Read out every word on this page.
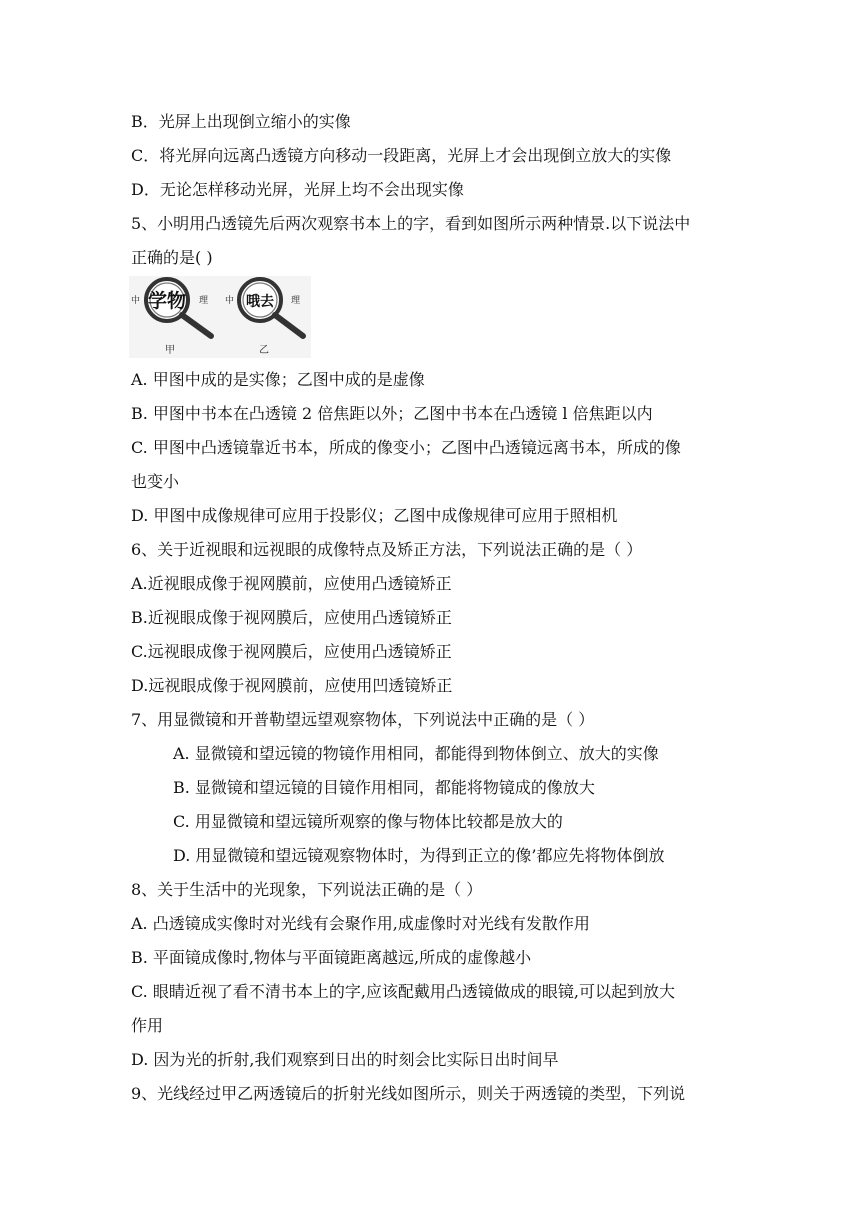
B．光屏上出现倒立缩小的实像
C．将光屏向远离凸透镜方向移动一段距离，光屏上才会出现倒立放大的实像
D．无论怎样移动光屏，光屏上均不会出现实像
5、小明用凸透镜先后两次观察书本上的字，看到如图所示两种情景.以下说法中
正确的是( )
中 学物 理
甲
中 哦去 理
乙
A. 甲图中成的是实像；乙图中成的是虚像
B. 甲图中书本在凸透镜 2 倍焦距以外；乙图中书本在凸透镜 l 倍焦距以内
C. 甲图中凸透镜靠近书本，所成的像变小；乙图中凸透镜远离书本，所成的像
也变小
D. 甲图中成像规律可应用于投影仪；乙图中成像规律可应用于照相机
6、关于近视眼和远视眼的成像特点及矫正方法，下列说法正确的是（ ）
A.近视眼成像于视网膜前，应使用凸透镜矫正
B.近视眼成像于视网膜后，应使用凸透镜矫正
C.远视眼成像于视网膜后，应使用凸透镜矫正
D.远视眼成像于视网膜前，应使用凹透镜矫正
7、用显微镜和开普勒望远望观察物体，下列说法中正确的是（ ）
A. 显微镜和望远镜的物镜作用相同，都能得到物体倒立、放大的实像
B. 显微镜和望远镜的目镜作用相同，都能将物镜成的像放大
C. 用显微镜和望远镜所观察的像与物体比较都是放大的
D. 用显微镜和望远镜观察物体时，为得到正立的像’都应先将物体倒放
8、关于生活中的光现象，下列说法正确的是（ ）
A. 凸透镜成实像时对光线有会聚作用,成虚像时对光线有发散作用
B. 平面镜成像时,物体与平面镜距离越远,所成的虚像越小
C. 眼睛近视了看不清书本上的字,应该配戴用凸透镜做成的眼镜,可以起到放大
作用
D. 因为光的折射,我们观察到日出的时刻会比实际日出时间早
9、光线经过甲乙两透镜后的折射光线如图所示，则关于两透镜的类型，下列说
